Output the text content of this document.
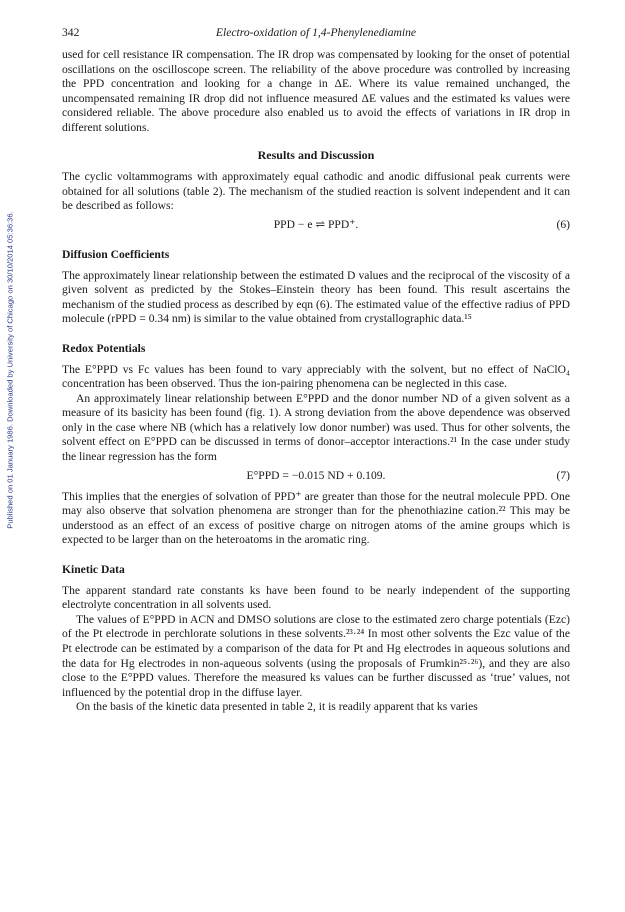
Published on 01 January 1986. Downloaded by University of Chicago on 30/10/2014 05:36:36.
342	Electro-oxidation of 1,4-Phenylenediamine

used for cell resistance IR compensation. The IR drop was compensated by looking for the onset of potential oscillations on the oscilloscope screen. The reliability of the above procedure was controlled by increasing the PPD concentration and looking for a change in ΔE. Where its value remained unchanged, the uncompensated remaining IR drop did not influence measured ΔE values and the estimated ks values were considered reliable. The above procedure also enabled us to avoid the effects of variations in IR drop in different solutions.

Results and Discussion

The cyclic voltammograms with approximately equal cathodic and anodic diffusional peak currents were obtained for all solutions (table 2). The mechanism of the studied reaction is solvent independent and it can be described as follows:

PPD − e ⇌ PPD⁺.	(6)
Diffusion Coefficients

The approximately linear relationship between the estimated D values and the reciprocal of the viscosity of a given solvent as predicted by the Stokes–Einstein theory has been found. This result ascertains the mechanism of the studied process as described by eqn (6). The estimated value of the effective radius of PPD molecule (rPPD = 0.34 nm) is similar to the value obtained from crystallographic data.¹⁵

Redox Potentials

The E°PPD vs Fc values has been found to vary appreciably with the solvent, but no effect of NaClO₄ concentration has been observed. Thus the ion-pairing phenomena can be neglected in this case.

An approximately linear relationship between E°PPD and the donor number ND of a given solvent as a measure of its basicity has been found (fig. 1). A strong deviation from the above dependence was observed only in the case where NB (which has a relatively low donor number) was used. Thus for other solvents, the solvent effect on E°PPD can be discussed in terms of donor–acceptor interactions.²¹ In the case under study the linear regression has the form

E°PPD = −0.015 ND + 0.109.	(7)

This implies that the energies of solvation of PPD⁺ are greater than those for the neutral molecule PPD. One may also observe that solvation phenomena are stronger than for the phenothiazine cation.²² This may be understood as an effect of an excess of positive charge on nitrogen atoms of the amine groups which is expected to be larger than on the heteroatoms in the aromatic ring.

Kinetic Data

The apparent standard rate constants ks have been found to be nearly independent of the supporting electrolyte concentration in all solvents used.

The values of E°PPD in ACN and DMSO solutions are close to the estimated zero charge potentials (Ezc) of the Pt electrode in perchlorate solutions in these solvents.²³·²⁴ In most other solvents the Ezc value of the Pt electrode can be estimated by a comparison of the data for Pt and Hg electrodes in aqueous solutions and the data for Hg electrodes in non-aqueous solvents (using the proposals of Frumkin²⁵·²⁶), and they are also close to the E°PPD values. Therefore the measured ks values can be further discussed as ‘true’ values, not influenced by the potential drop in the diffuse layer.

On the basis of the kinetic data presented in table 2, it is readily apparent that ks varies
